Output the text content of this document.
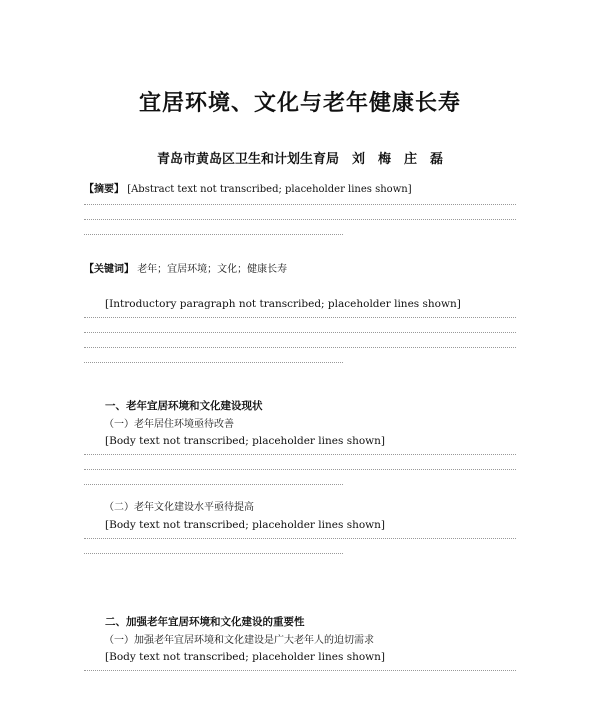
宜居环境、文化与老年健康长寿
青岛市黄岛区卫生和计划生育局　刘　梅　庄　磊
【摘要】 [Abstract text not transcribed; placeholder lines shown]
【关键词】 老年；宜居环境；文化；健康长寿

[Introductory paragraph not transcribed; placeholder lines shown]

一、老年宜居环境和文化建设现状

（一）老年居住环境亟待改善

[Body text not transcribed; placeholder lines shown]

（二）老年文化建设水平亟待提高

[Body text not transcribed; placeholder lines shown]

二、加强老年宜居环境和文化建设的重要性

（一）加强老年宜居环境和文化建设是广大老年人的迫切需求

[Body text not transcribed; placeholder lines shown]
